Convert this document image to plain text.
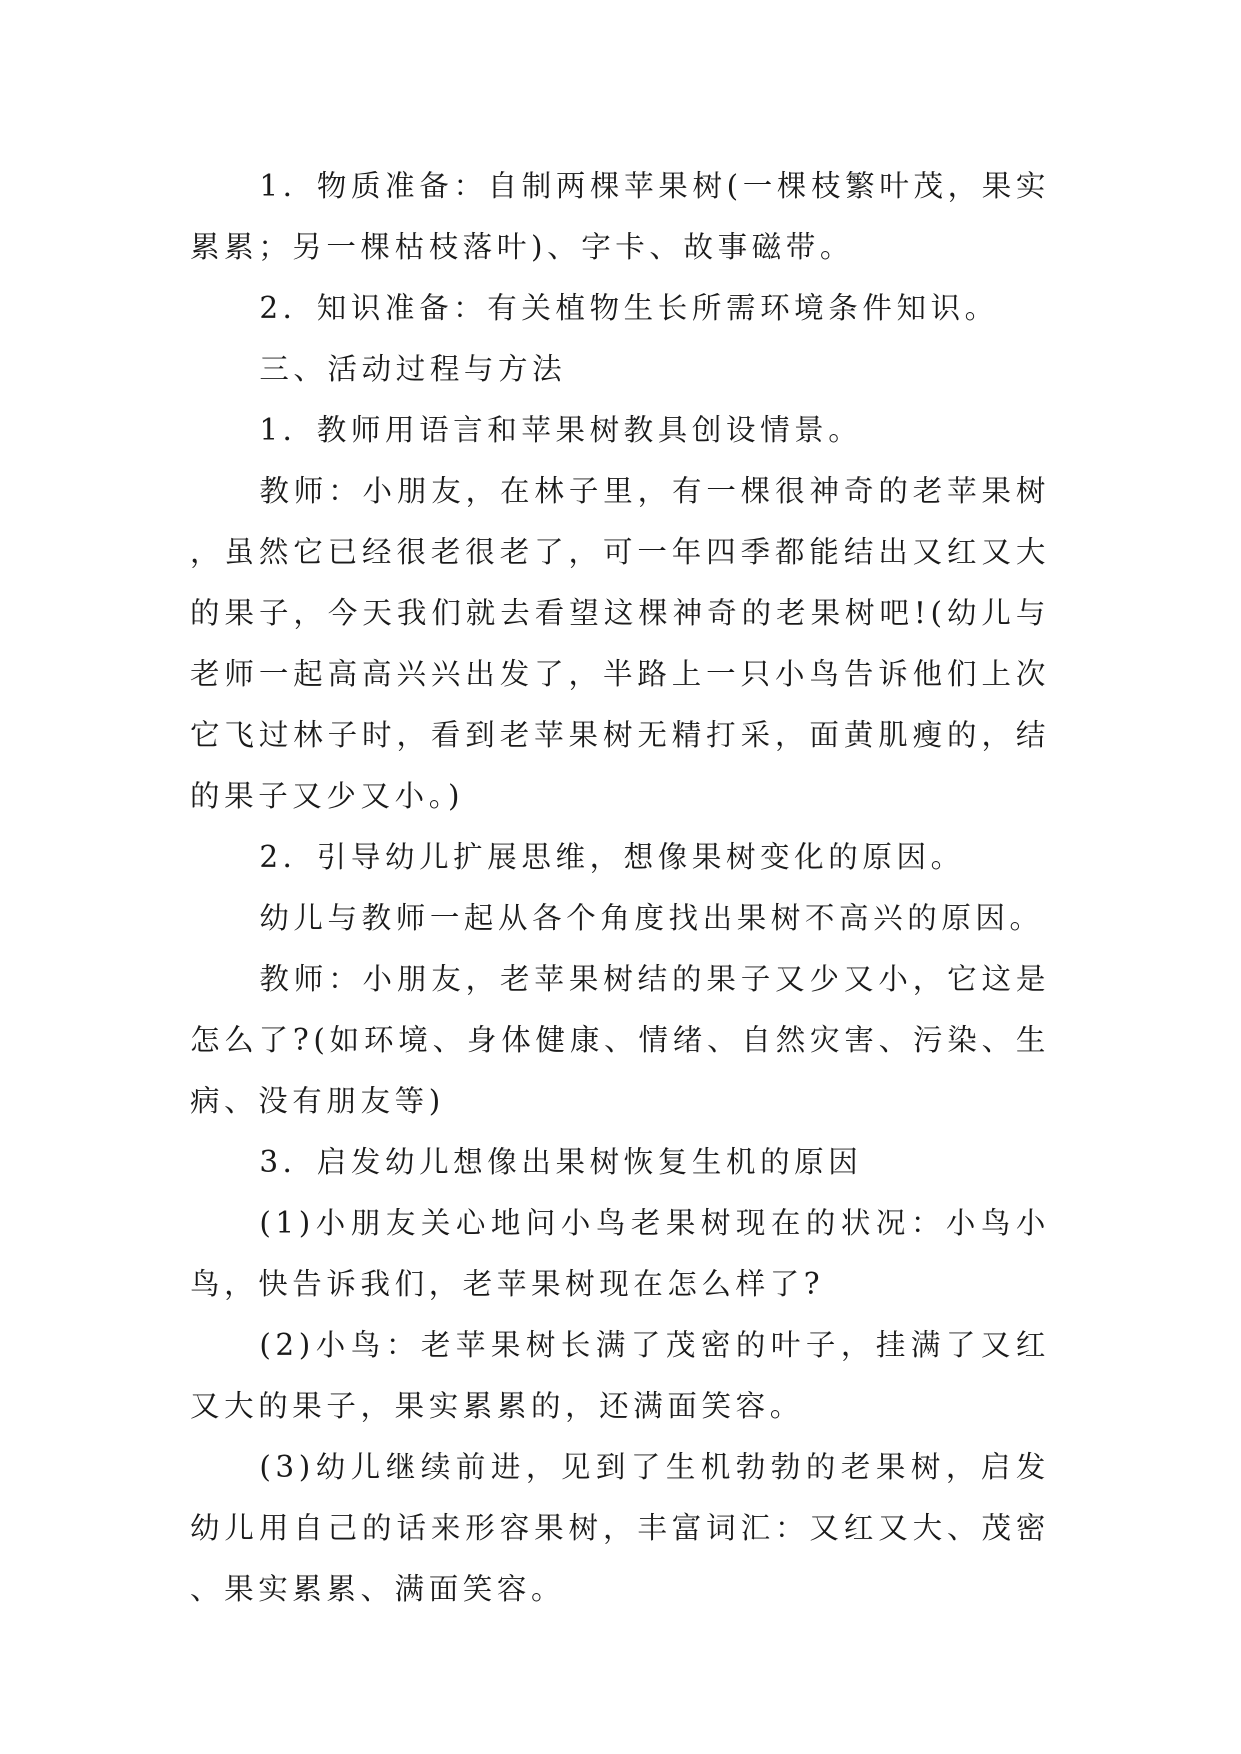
1．物质准备：自制两棵苹果树(一棵枝繁叶茂，果实累累；另一棵枯枝落叶)、字卡、故事磁带。

2．知识准备：有关植物生长所需环境条件知识。

三、活动过程与方法

1．教师用语言和苹果树教具创设情景。

教师：小朋友，在林子里，有一棵很神奇的老苹果树，虽然它已经很老很老了，可一年四季都能结出又红又大的果子，今天我们就去看望这棵神奇的老果树吧!(幼儿与老师一起高高兴兴出发了，半路上一只小鸟告诉他们上次它飞过林子时，看到老苹果树无精打采，面黄肌瘦的，结的果子又少又小。)

2．引导幼儿扩展思维，想像果树变化的原因。

幼儿与教师一起从各个角度找出果树不高兴的原因。

教师：小朋友，老苹果树结的果子又少又小，它这是怎么了?(如环境、身体健康、情绪、自然灾害、污染、生病、没有朋友等)

3．启发幼儿想像出果树恢复生机的原因

(1)小朋友关心地问小鸟老果树现在的状况：小鸟小鸟，快告诉我们，老苹果树现在怎么样了?

(2)小鸟：老苹果树长满了茂密的叶子，挂满了又红又大的果子，果实累累的，还满面笑容。

(3)幼儿继续前进，见到了生机勃勃的老果树，启发幼儿用自己的话来形容果树，丰富词汇：又红又大、茂密、果实累累、满面笑容。
